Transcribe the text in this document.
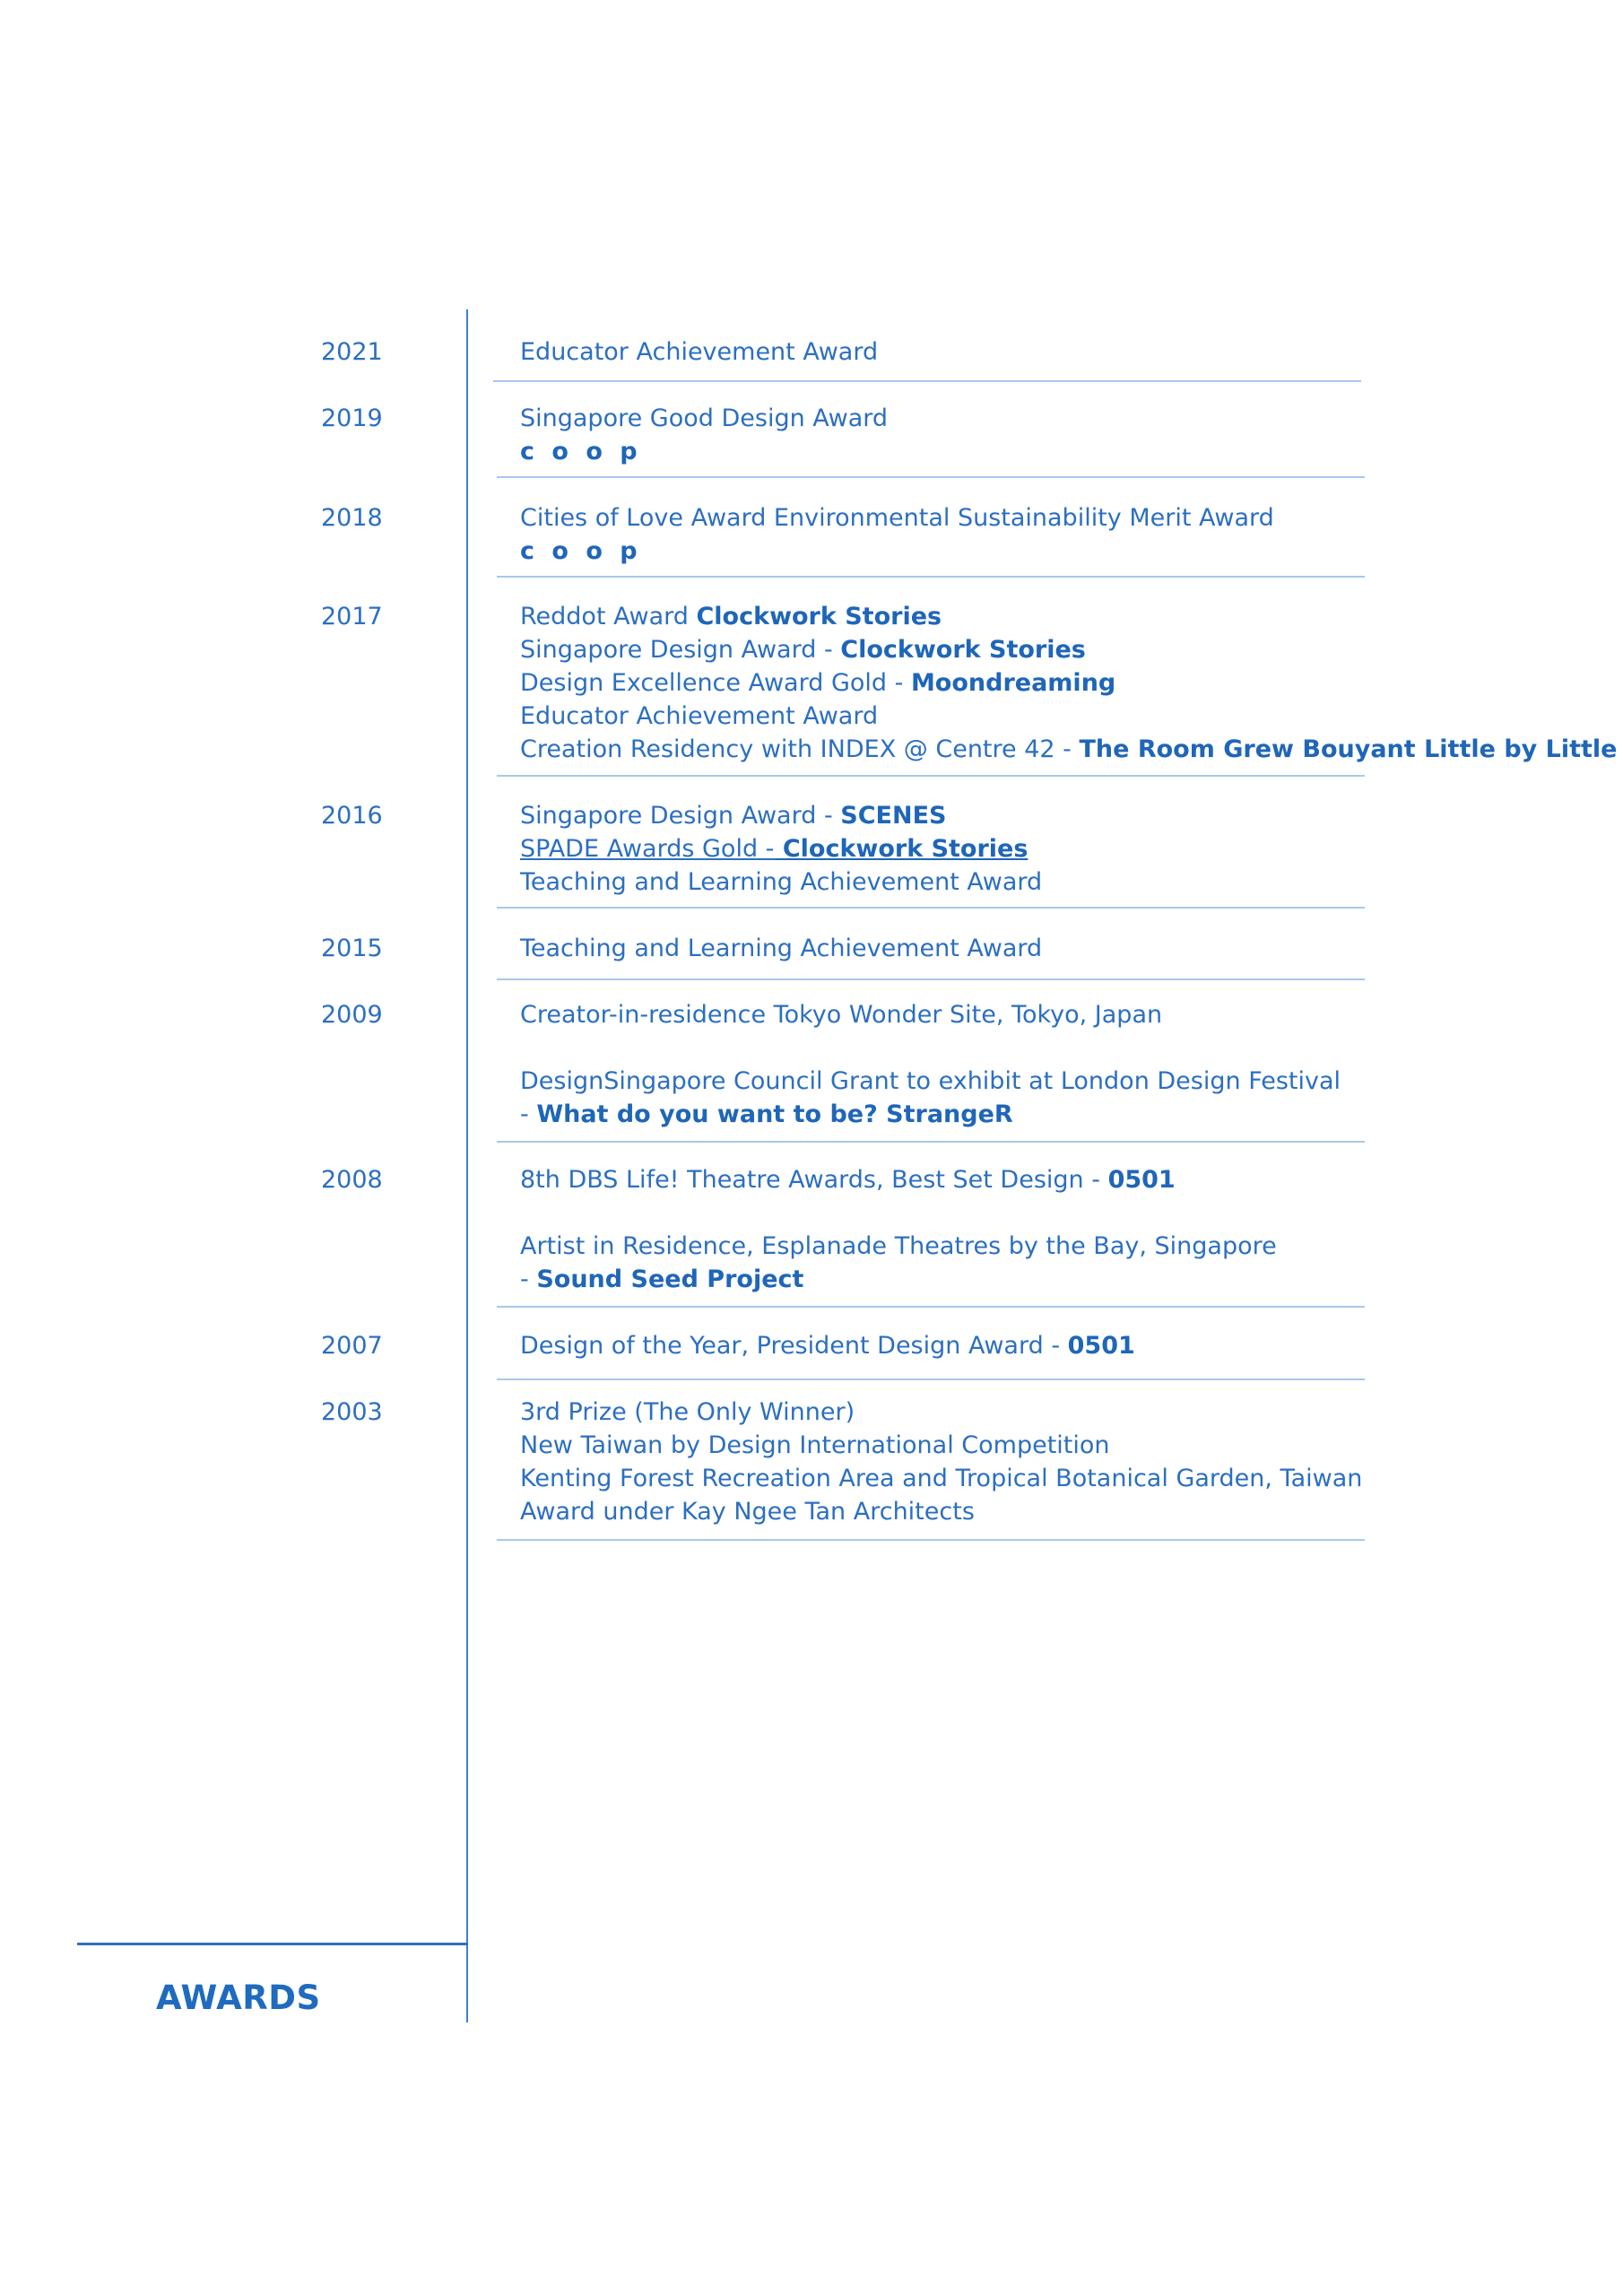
2021	Educator Achievement Award
2019	Singapore Good Design Award
c o o p
2018	Cities of Love Award Environmental Sustainability Merit Award
c o o p
2017	Reddot Award Clockwork Stories
Singapore Design Award - Clockwork Stories
Design Excellence Award Gold - Moondreaming
Educator Achievement Award
Creation Residency with INDEX @ Centre 42 - The Room Grew Bouyant Little by Little
2016	Singapore Design Award - SCENES
SPADE Awards Gold - Clockwork Stories
Teaching and Learning Achievement Award
2015	Teaching and Learning Achievement Award
2009	Creator-in-residence Tokyo Wonder Site, Tokyo, Japan
DesignSingapore Council Grant to exhibit at London Design Festival
- What do you want to be? StrangeR
2008	8th DBS Life! Theatre Awards, Best Set Design - 0501
Artist in Residence, Esplanade Theatres by the Bay, Singapore
- Sound Seed Project
2007	Design of the Year, President Design Award - 0501
2003	3rd Prize (The Only Winner)
New Taiwan by Design International Competition
Kenting Forest Recreation Area and Tropical Botanical Garden, Taiwan
Award under Kay Ngee Tan Architects
AWARDS
